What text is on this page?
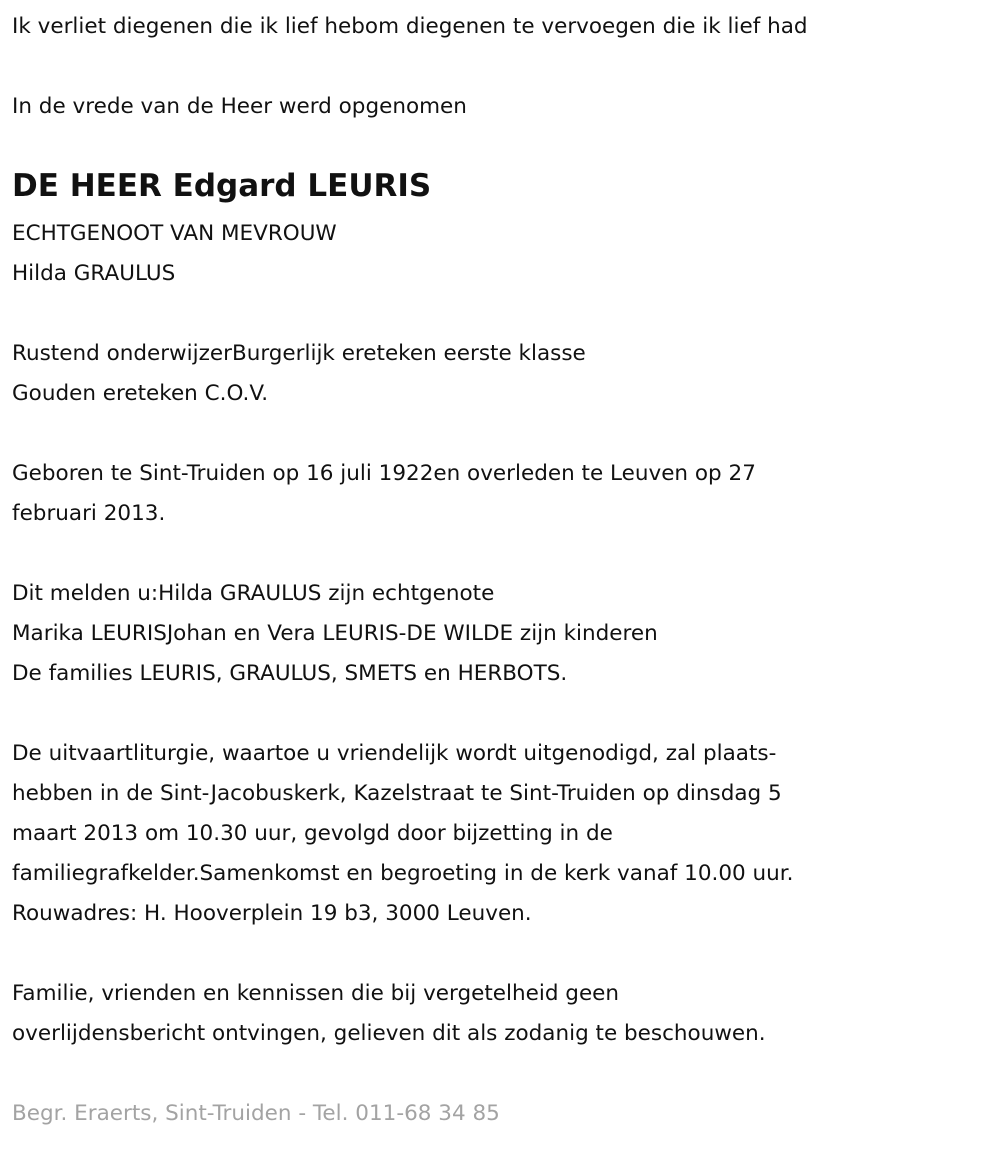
Ik verliet diegenen die ik lief hebom diegenen te vervoegen die ik lief had
In de vrede van de Heer werd opgenomen
DE HEER Edgard LEURIS
ECHTGENOOT VAN MEVROUW
Hilda GRAULUS
Rustend onderwijzerBurgerlijk ereteken eerste klasse
Gouden ereteken C.O.V.
Geboren te Sint-Truiden op 16 juli 1922en overleden te Leuven op 27
februari 2013.
Dit melden u:Hilda GRAULUS zijn echtgenote
Marika LEURISJohan en Vera LEURIS-DE WILDE zijn kinderen
De families LEURIS, GRAULUS, SMETS en HERBOTS.
De uitvaartliturgie, waartoe u vriendelijk wordt uitgenodigd, zal plaats-
hebben in de Sint-Jacobuskerk, Kazelstraat te Sint-Truiden op dinsdag 5
maart 2013 om 10.30 uur, gevolgd door bijzetting in de
familiegrafkelder.Samenkomst en begroeting in de kerk vanaf 10.00 uur.
Rouwadres: H. Hooverplein 19 b3, 3000 Leuven.
Familie, vrienden en kennissen die bij vergetelheid geen
overlijdensbericht ontvingen, gelieven dit als zodanig te beschouwen.
Begr. Eraerts, Sint-Truiden - Tel. 011-68 34 85
